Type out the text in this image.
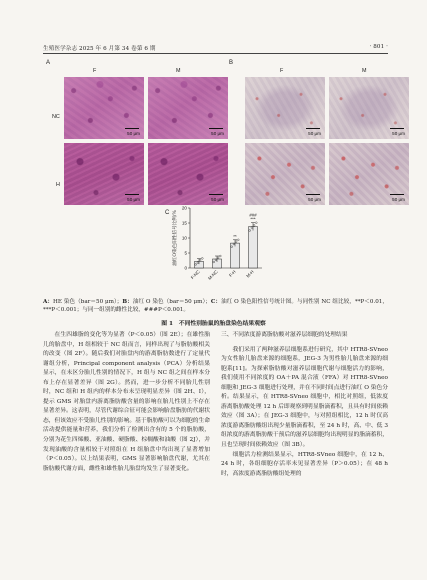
生殖医学杂志 2025 年 6 月第 34 卷第 6 期	· 801 ·
A
F	M
NC
H
50 μm	50 μm
50 μm	50 μm
B
F	M
50 μm	50 μm
50 μm	50 μm
C
0
5
10
15
20
油红O染色阳性信号比例/%
F-NC M-NC F-H M-H
**
***
###
A：HE 染色（bar＝50 μm）；B：油红 O 染色（bar＝50 μm）；C：油红 O 染色阳性信号统计图。与同性别 NC 组比较，**P＜0.01，***P＜0.001；与同一组别的雌性比较，###P＜0.001。
图 1　不同性别胎鼠的胎盘染色结果观察

在生四雄脂的变化等为显著（P＜0.05）（图 2E）；在雄性胎儿的胎盘中，H 组相较于 NC 组而言，同样出现了与脂肪酸相关的改变（图 2F）。随后我们对胎盘内的游离脂肪数进行了定量代谢组分析，Principal component analysis（PCA）分析结果显示，在未区分胎儿性别的情况下，H 组与 NC 组之间在样本分布上存在显著差异（图 2G）。然而，进一步分析不同胎儿性别时，NC 组和 H 组内的样本分布未呈现明显差异（图 2H、I），提示 GMS 对胎盘内游离脂肪酸含量的影响在胎儿性别上不存在显著差异。这表明，尽管代谢综合征可能会影响胎盘脂肪的代谢状态，但该效应不受胎儿性别的影响。基于脂肪酸可以为细胞的生命活动提供能量和营养，我们分析了检测出含有的 5 个的脂肪酸，分别为花生四烯酸、亚油酸、硬脂酸、棕榈酸和油酸（图 2J），并发现油酸的含量相较于对照组在 H 组胎盘中均出现了显著增加（P＜0.05）。以上结果表明，GMS 显著影响胎盘代谢，尤其在脂肪酸代谢方面，雌性和雄性胎儿胎盘均发生了显著变化。

三、不同浓度游离脂肪酸对滋养层细胞的处理结果

我们采用了两种滋养层细胞系进行研究，其中 HTR8-SVneo 为女性胎儿胎盘来源的细胞系，JEG-3 为男性胎儿胎盘来源的细胞系[11]。为探索脂肪酸对滋养层细胞代谢与细胞活力的影响，我们使用不同浓度的 OA＋PA 混合液（FFA）对 HTR8-SVneo 细胞和 JEG-3 细胞进行处理，并在不同时间点进行油红 O 染色分析。结果显示，在 HTR8-SVneo 细胞中，相比对照组，低浓度游离脂肪酸处理 12 h 后即观察到明显脂滴蓄积，且具有时间依赖效应（图 3A）；在 JEG-3 细胞中，与对照组相比，12 h 时仅高浓度游离脂肪酸组出现少量脂滴蓄积，至 24 h 时，高、中、低 3 组浓度的游离脂肪酸干预后的滋养层细胞均出现明显的脂滴蓄积，且也呈现时间依赖效应（图 3B）。

细胞活力检测结果显示，HTR8-SVneo 细胞中，在 12 h、24 h 时，各组细胞存活率未见显著差异（P＞0.05）；在 48 h 时，高浓度游离脂肪酸组处理的
